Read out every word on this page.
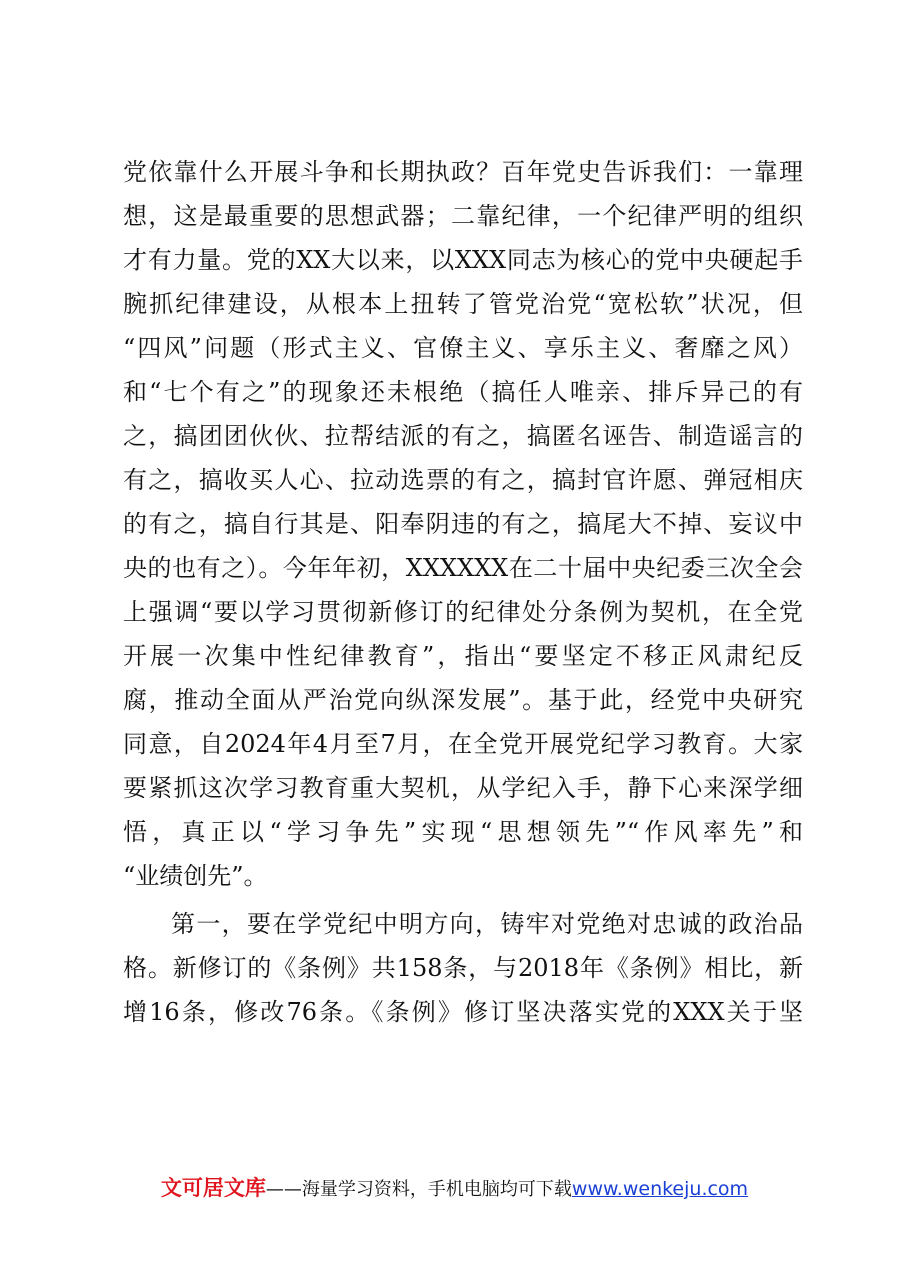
党依靠什么开展斗争和长期执政？百年党史告诉我们：一靠理
想，这是最重要的思想武器；二靠纪律，一个纪律严明的组织
才有力量。党的XX大以来，以XXX同志为核心的党中央硬起手
腕抓纪律建设，从根本上扭转了管党治党“宽松软”状况，但
“四风”问题（形式主义、官僚主义、享乐主义、奢靡之风）
和“七个有之”的现象还未根绝（搞任人唯亲、排斥异己的有
之，搞团团伙伙、拉帮结派的有之，搞匿名诬告、制造谣言的
有之，搞收买人心、拉动选票的有之，搞封官许愿、弹冠相庆
的有之，搞自行其是、阳奉阴违的有之，搞尾大不掉、妄议中
央的也有之）。今年年初，XXXXXX在二十届中央纪委三次全会
上强调“要以学习贯彻新修订的纪律处分条例为契机，在全党
开展一次集中性纪律教育”，指出“要坚定不移正风肃纪反
腐，推动全面从严治党向纵深发展”。基于此，经党中央研究
同意，自2024年4月至7月，在全党开展党纪学习教育。大家
要紧抓这次学习教育重大契机，从学纪入手，静下心来深学细
悟，真正以“学习争先”实现“思想领先”“作风率先”和
“业绩创先”。
第一，要在学党纪中明方向，铸牢对党绝对忠诚的政治品
格。新修订的《条例》共158条，与2018年《条例》相比，新
增16条，修改76条。《条例》修订坚决落实党的XXX关于坚
文可居文库——海量学习资料，手机电脑均可下载www.wenkeju.com
